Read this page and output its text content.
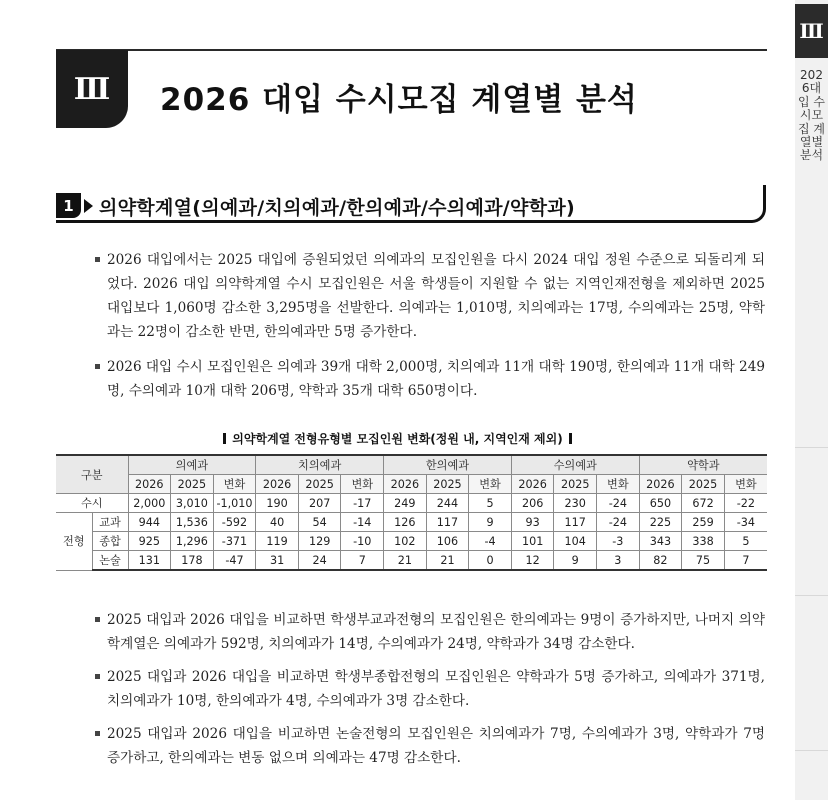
Ⅲ	2026 대입 수시모집 계열별 분석
Ⅲ
2026대입 수시모집 계열별 분석
1	의약학계열(의예과/치의예과/한의예과/수의예과/약학과)
2026 대입에서는 2025 대입에 증원되었던 의예과의 모집인원을 다시 2024 대입 정원 수준으로 되돌리게 되었다. 2026 대입 의약학계열 수시 모집인원은 서울 학생들이 지원할 수 없는 지역인재전형을 제외하면 2025 대입보다 1,060명 감소한 3,295명을 선발한다. 의예과는 1,010명, 치의예과는 17명, 수의예과는 25명, 약학과는 22명이 감소한 반면, 한의예과만 5명 증가한다.
2026 대입 수시 모집인원은 의예과 39개 대학 2,000명, 치의예과 11개 대학 190명, 한의예과 11개 대학 249명, 수의예과 10개 대학 206명, 약학과 35개 대학 650명이다.
의약학계열 전형유형별 모집인원 변화(정원 내, 지역인재 제외)
구분		의예과			치의예과			한의예과			수의예과			약학과		
		2026	2025	변화	2026	2025	변화	2026	2025	변화	2026	2025	변화	2026	2025	변화
수시		2,000	3,010	-1,010	190	207	-17	249	244	5	206	230	-24	650	672	-22
전형	교과	944	1,536	-592	40	54	-14	126	117	9	93	117	-24	225	259	-34
	종합	925	1,296	-371	119	129	-10	102	106	-4	101	104	-3	343	338	5
	논술	131	178	-47	31	24	7	21	21	0	12	9	3	82	75	7
2025 대입과 2026 대입을 비교하면 학생부교과전형의 모집인원은 한의예과는 9명이 증가하지만, 나머지 의약학계열은 의예과가 592명, 치의예과가 14명, 수의예과가 24명, 약학과가 34명 감소한다.
2025 대입과 2026 대입을 비교하면 학생부종합전형의 모집인원은 약학과가 5명 증가하고, 의예과가 371명, 치의예과가 10명, 한의예과가 4명, 수의예과가 3명 감소한다.
2025 대입과 2026 대입을 비교하면 논술전형의 모집인원은 치의예과가 7명, 수의예과가 3명, 약학과가 7명 증가하고, 한의예과는 변동 없으며 의예과는 47명 감소한다.
